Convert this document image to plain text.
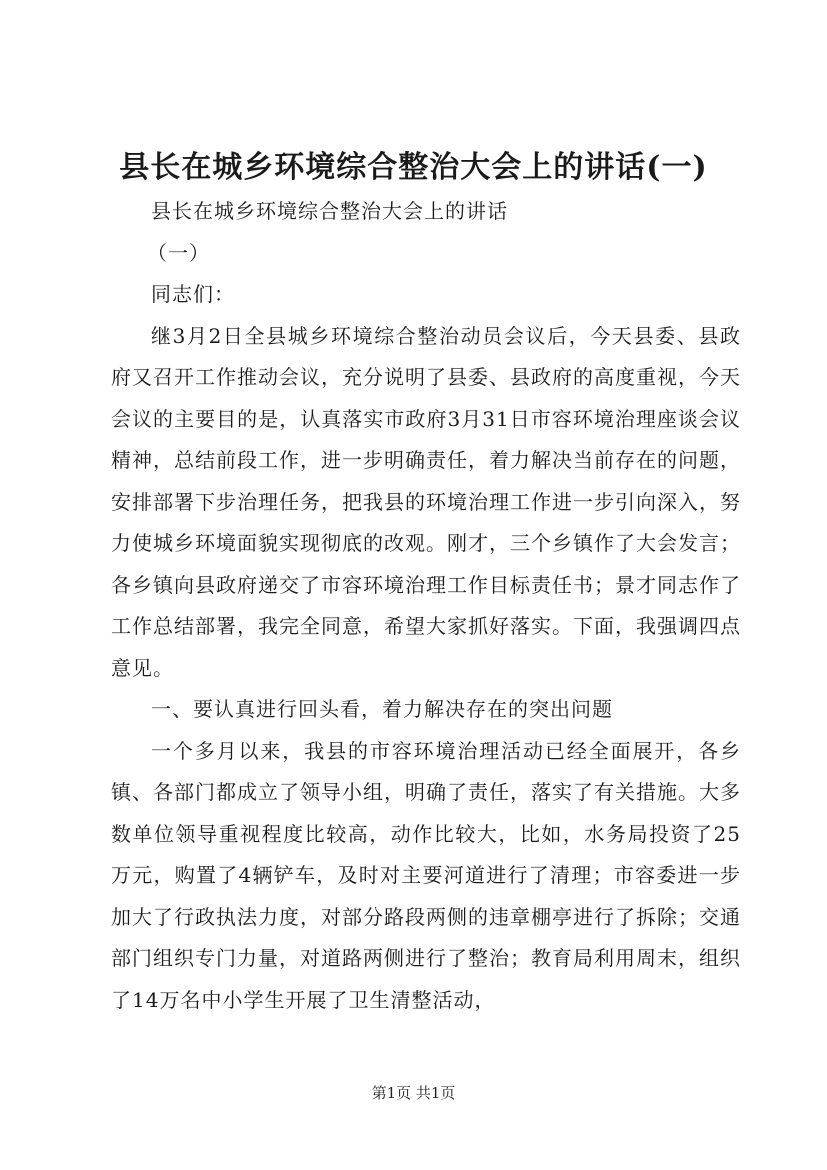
县长在城乡环境综合整治大会上的讲话(一)

县长在城乡环境综合整治大会上的讲话

（一）

同志们：

继3月2日全县城乡环境综合整治动员会议后，今天县委、县政府又召开工作推动会议，充分说明了县委、县政府的高度重视，今天会议的主要目的是，认真落实市政府3月31日市容环境治理座谈会议精神，总结前段工作，进一步明确责任，着力解决当前存在的问题，安排部署下步治理任务，把我县的环境治理工作进一步引向深入，努力使城乡环境面貌实现彻底的改观。刚才，三个乡镇作了大会发言；各乡镇向县政府递交了市容环境治理工作目标责任书；景才同志作了工作总结部署，我完全同意，希望大家抓好落实。下面，我强调四点意见。

一、要认真进行回头看，着力解决存在的突出问题

一个多月以来，我县的市容环境治理活动已经全面展开，各乡镇、各部门都成立了领导小组，明确了责任，落实了有关措施。大多数单位领导重视程度比较高，动作比较大，比如，水务局投资了25万元，购置了4辆铲车，及时对主要河道进行了清理；市容委进一步加大了行政执法力度，对部分路段两侧的违章棚亭进行了拆除；交通部门组织专门力量，对道路两侧进行了整治；教育局利用周末，组织了14万名中小学生开展了卫生清整活动，

第1页 共1页
